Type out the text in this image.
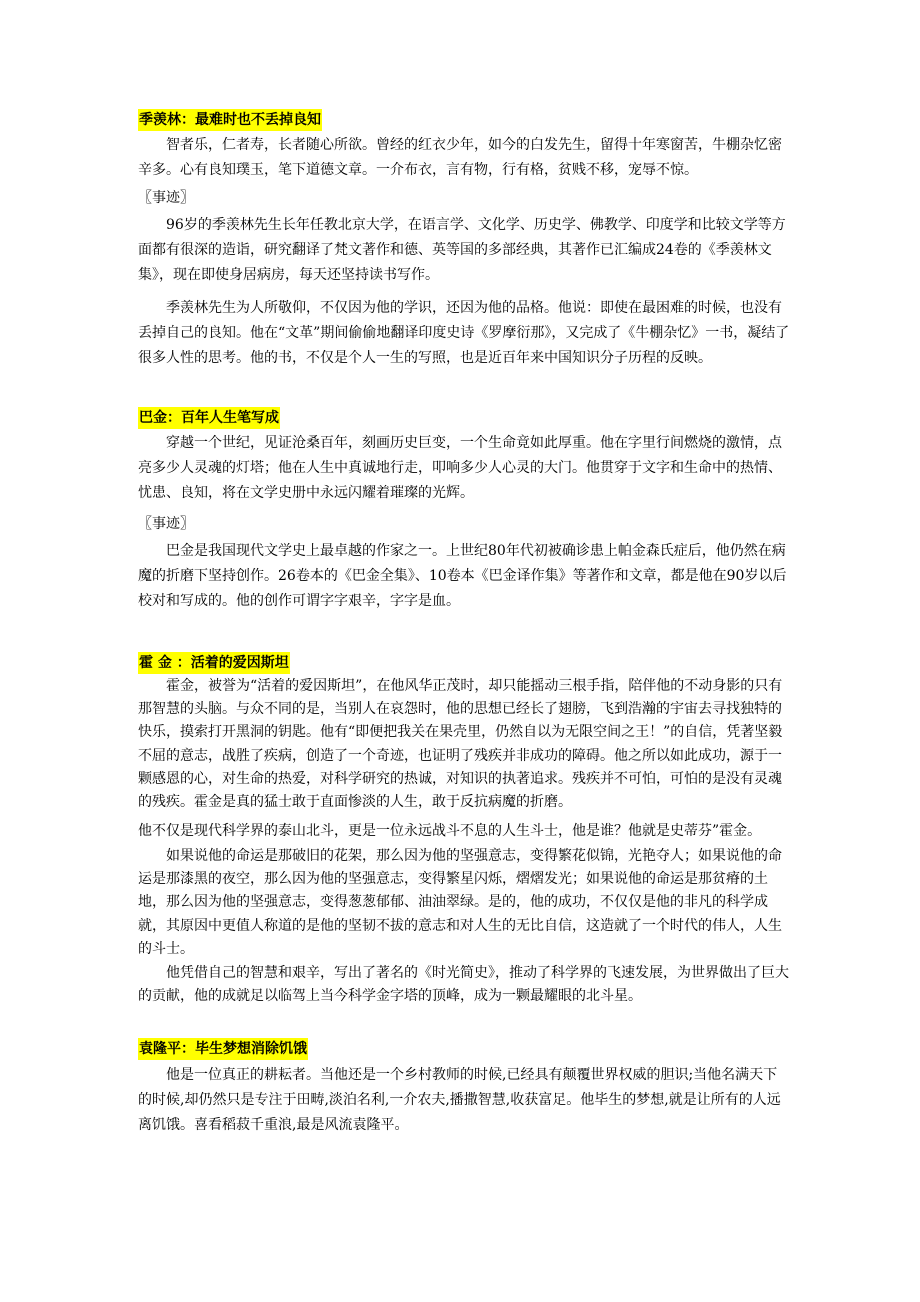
季羡林：最难时也不丢掉良知

智者乐，仁者寿，长者随心所欲。曾经的红衣少年，如今的白发先生，留得十年寒窗苦，牛棚杂忆密辛多。心有良知璞玉，笔下道德文章。一介布衣，言有物，行有格，贫贱不移，宠辱不惊。

〖事迹〗

96岁的季羡林先生长年任教北京大学，在语言学、文化学、历史学、佛教学、印度学和比较文学等方面都有很深的造诣，研究翻译了梵文著作和德、英等国的多部经典，其著作已汇编成24卷的《季羡林文集》，现在即使身居病房，每天还坚持读书写作。

季羡林先生为人所敬仰，不仅因为他的学识，还因为他的品格。他说：即使在最困难的时候，也没有丢掉自己的良知。他在“文革”期间偷偷地翻译印度史诗《罗摩衍那》，又完成了《牛棚杂忆》一书，凝结了很多人性的思考。他的书，不仅是个人一生的写照，也是近百年来中国知识分子历程的反映。

巴金：百年人生笔写成

穿越一个世纪，见证沧桑百年，刻画历史巨变，一个生命竟如此厚重。他在字里行间燃烧的激情，点亮多少人灵魂的灯塔；他在人生中真诚地行走，叩响多少人心灵的大门。他贯穿于文字和生命中的热情、忧患、良知，将在文学史册中永远闪耀着璀璨的光辉。

〖事迹〗

巴金是我国现代文学史上最卓越的作家之一。上世纪80年代初被确诊患上帕金森氏症后，他仍然在病魔的折磨下坚持创作。26卷本的《巴金全集》、10卷本《巴金译作集》等著作和文章，都是他在90岁以后校对和写成的。他的创作可谓字字艰辛，字字是血。

霍 金 ：活着的爱因斯坦

霍金，被誉为“活着的爱因斯坦”，在他风华正茂时，却只能摇动三根手指，陪伴他的不动身影的只有那智慧的头脑。与众不同的是，当别人在哀怨时，他的思想已经长了翅膀，飞到浩瀚的宇宙去寻找独特的快乐，摸索打开黑洞的钥匙。他有“即便把我关在果壳里，仍然自以为无限空间之王！”的自信，凭著坚毅不屈的意志，战胜了疾病，创造了一个奇迹，也证明了残疾并非成功的障碍。他之所以如此成功，源于一颗感恩的心，对生命的热爱，对科学研究的热诚，对知识的执著追求。残疾并不可怕，可怕的是没有灵魂的残疾。霍金是真的猛士敢于直面惨淡的人生，敢于反抗病魔的折磨。

他不仅是现代科学界的泰山北斗，更是一位永远战斗不息的人生斗士，他是谁？他就是史蒂芬”霍金。

如果说他的命运是那破旧的花架，那么因为他的坚强意志，变得繁花似锦，光艳夺人；如果说他的命运是那漆黑的夜空，那么因为他的坚强意志，变得繁星闪烁，熠熠发光；如果说他的命运是那贫瘠的土地，那么因为他的坚强意志，变得葱葱郁郁、油油翠绿。是的，他的成功，不仅仅是他的非凡的科学成就，其原因中更值人称道的是他的坚韧不拔的意志和对人生的无比自信，这造就了一个时代的伟人，人生的斗士。

他凭借自己的智慧和艰辛，写出了著名的《时光简史》，推动了科学界的飞速发展，为世界做出了巨大的贡献，他的成就足以临驾上当今科学金字塔的顶峰，成为一颗最耀眼的北斗星。

袁隆平：毕生梦想消除饥饿

他是一位真正的耕耘者。当他还是一个乡村教师的时候,已经具有颠覆世界权威的胆识;当他名满天下的时候,却仍然只是专注于田畴,淡泊名利,一介农夫,播撒智慧,收获富足。他毕生的梦想,就是让所有的人远离饥饿。喜看稻菽千重浪,最是风流袁隆平。
